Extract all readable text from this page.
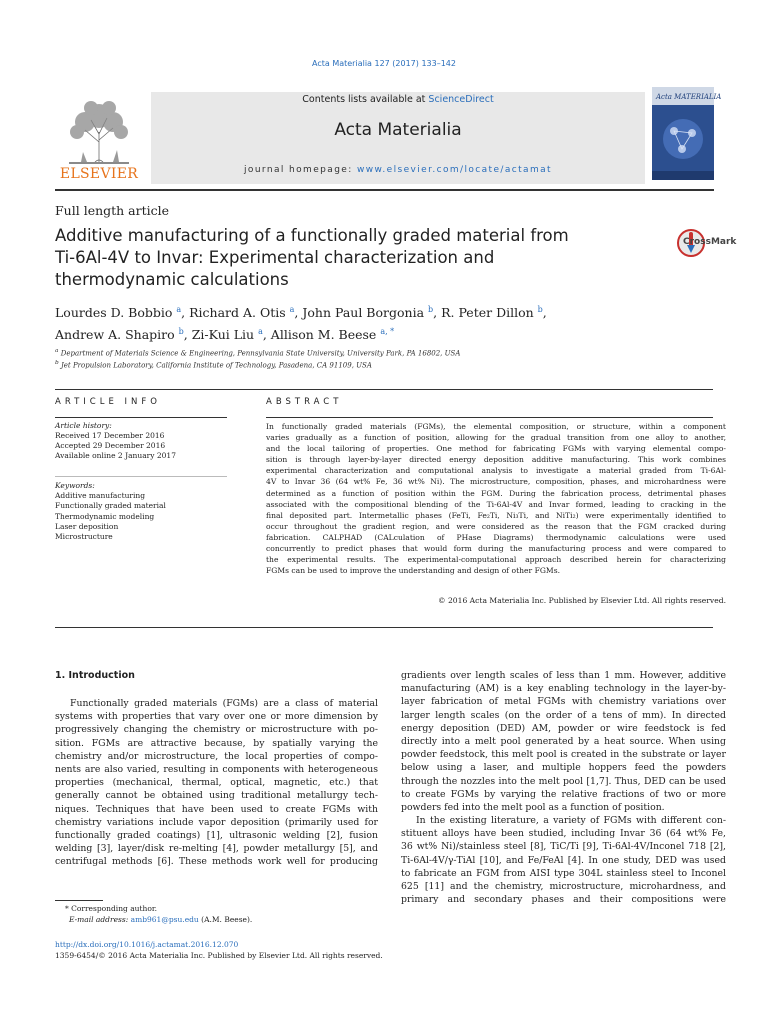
Acta Materialia 127 (2017) 133–142
Contents lists available at ScienceDirect
Acta Materialia
journal homepage: www.elsevier.com/locate/actamat
ELSEVIER
Acta MATERIALIA
Full length article
Additive manufacturing of a functionally graded material from
Ti-6Al-4V to Invar: Experimental characterization and
thermodynamic calculations
CrossMark
Lourdes D. Bobbio $^a$, Richard A. Otis $^a$, John Paul Borgonia $^b$, R. Peter Dillon $^b$,
Andrew A. Shapiro $^b$, Zi-Kui Liu $^a$, Allison M. Beese $^{a, *}$
$^a$ Department of Materials Science & Engineering, Pennsylvania State University, University Park, PA 16802, USA
$^b$ Jet Propulsion Laboratory, California Institute of Technology, Pasadena, CA 91109, USA
ARTICLE INFO	ABSTRACT
Article history:
Received 17 December 2016
Accepted 29 December 2016
Available online 2 January 2017
Keywords:
Additive manufacturing
Functionally graded material
Thermodynamic modeling
Laser deposition
Microstructure
In functionally graded materials (FGMs), the elemental composition, or structure, within a component
varies gradually as a function of position, allowing for the gradual transition from one alloy to another,
and the local tailoring of properties. One method for fabricating FGMs with varying elemental compo-
sition is through layer-by-layer directed energy deposition additive manufacturing. This work combines
experimental characterization and computational analysis to investigate a material graded from Ti-6Al-
4V to Invar 36 (64 wt% Fe, 36 wt% Ni). The microstructure, composition, phases, and microhardness were
determined as a function of position within the FGM. During the fabrication process, detrimental phases
associated with the compositional blending of the Ti-6Al-4V and Invar formed, leading to cracking in the
final deposited part. Intermetallic phases (FeTi, Fe₂Ti, Ni₃Ti, and NiTi₂) were experimentally identified to
occur throughout the gradient region, and were considered as the reason that the FGM cracked during
fabrication. CALPHAD (CALculation of PHase Diagrams) thermodynamic calculations were used
concurrently to predict phases that would form during the manufacturing process and were compared to
the experimental results. The experimental-computational approach described herein for characterizing
FGMs can be used to improve the understanding and design of other FGMs.
© 2016 Acta Materialia Inc. Published by Elsevier Ltd. All rights reserved.
1. Introduction
Functionally graded materials (FGMs) are a class of material
systems with properties that vary over one or more dimension by
progressively changing the chemistry or microstructure with po-
sition. FGMs are attractive because, by spatially varying the
chemistry and/or microstructure, the local properties of compo-
nents are also varied, resulting in components with heterogeneous
properties (mechanical, thermal, optical, magnetic, etc.) that
generally cannot be obtained using traditional metallurgy tech-
niques. Techniques that have been used to create FGMs with
chemistry variations include vapor deposition (primarily used for
functionally graded coatings) [1], ultrasonic welding [2], fusion
welding [3], layer/disk re-melting [4], powder metallurgy [5], and
centrifugal methods [6]. These methods work well for producing
gradients over length scales of less than 1 mm. However, additive
manufacturing (AM) is a key enabling technology in the layer-by-
layer fabrication of metal FGMs with chemistry variations over
larger length scales (on the order of a tens of mm). In directed
energy deposition (DED) AM, powder or wire feedstock is fed
directly into a melt pool generated by a heat source. When using
powder feedstock, this melt pool is created in the substrate or layer
below using a laser, and multiple hoppers feed the powders
through the nozzles into the melt pool [1,7]. Thus, DED can be used
to create FGMs by varying the relative fractions of two or more
powders fed into the melt pool as a function of position.
In the existing literature, a variety of FGMs with different con-
stituent alloys have been studied, including Invar 36 (64 wt% Fe,
36 wt% Ni)/stainless steel [8], TiC/Ti [9], Ti-6Al-4V/Inconel 718 [2],
Ti-6Al-4V/γ-TiAl [10], and Fe/FeAl [4]. In one study, DED was used
to fabricate an FGM from AISI type 304L stainless steel to Inconel
625 [11] and the chemistry, microstructure, microhardness, and
primary and secondary phases and their compositions were
* Corresponding author.
E-mail address: amb961@psu.edu (A.M. Beese).
http://dx.doi.org/10.1016/j.actamat.2016.12.070
1359-6454/© 2016 Acta Materialia Inc. Published by Elsevier Ltd. All rights reserved.
